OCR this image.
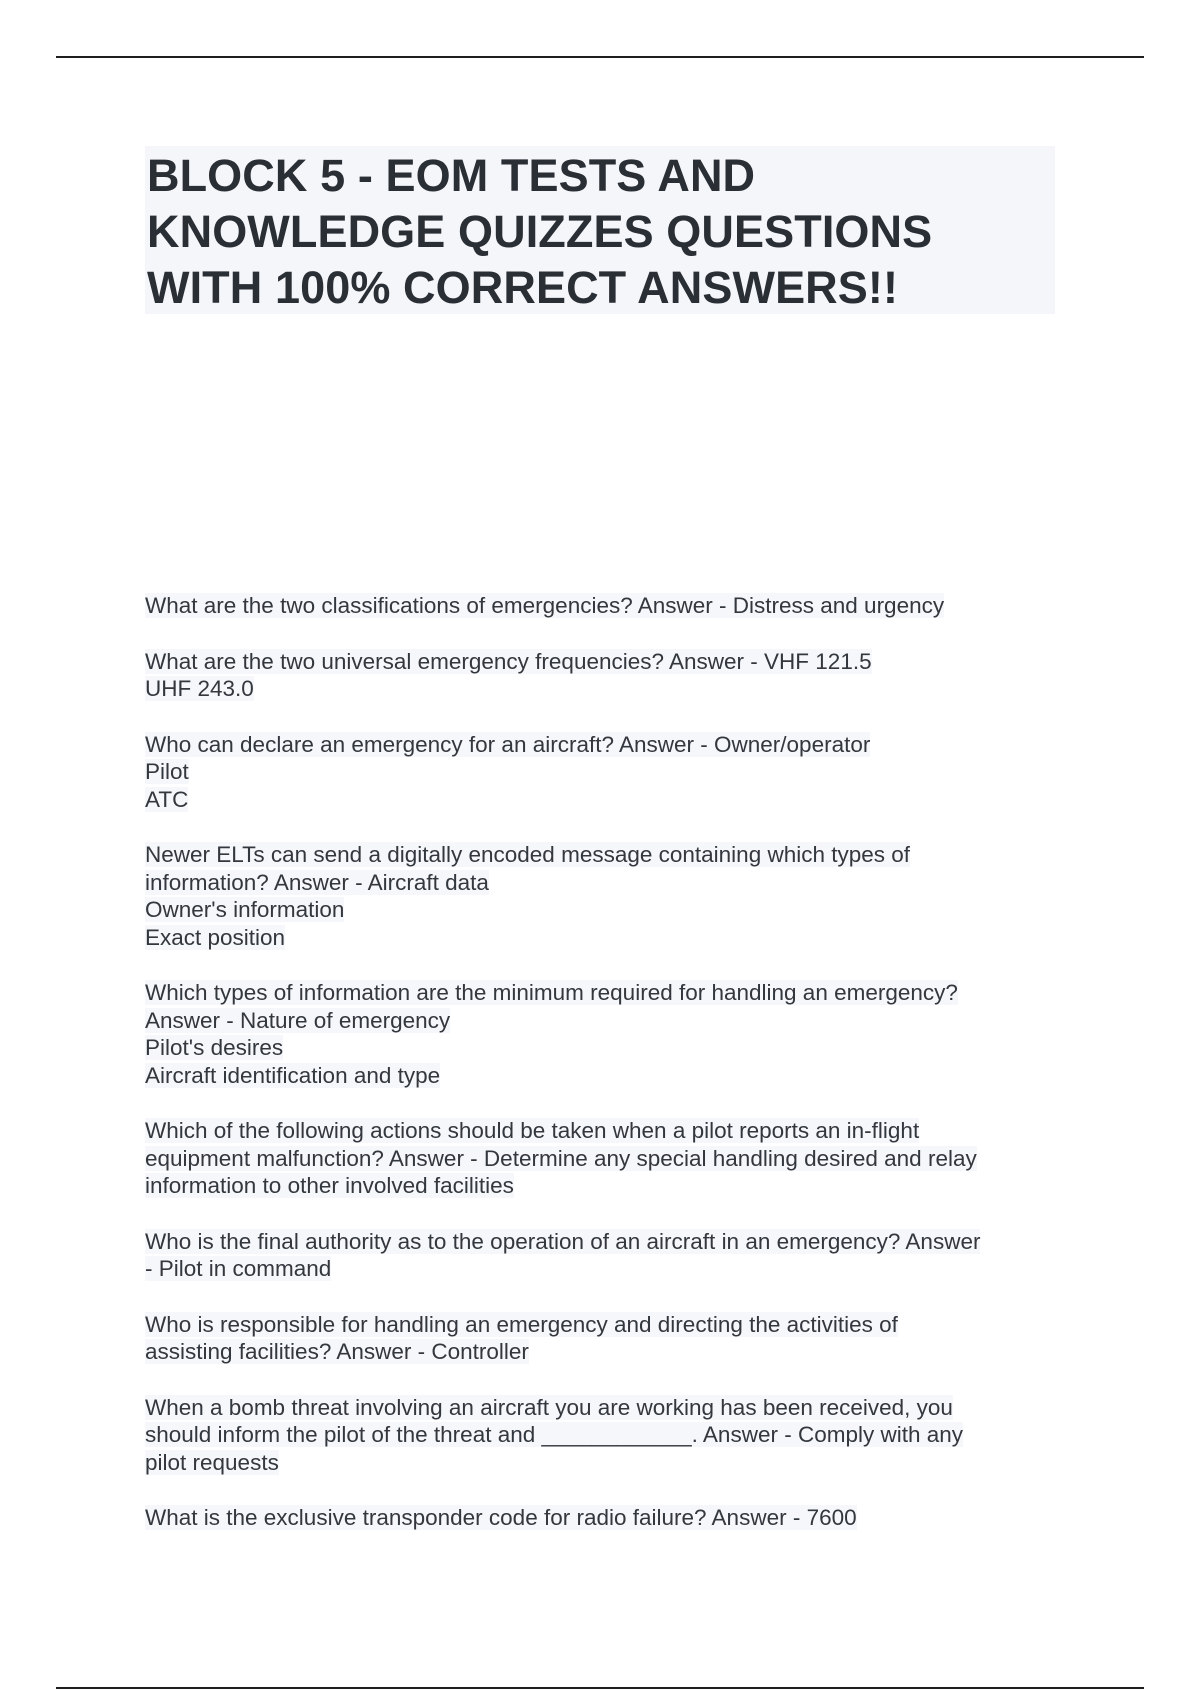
BLOCK 5 - EOM TESTS AND
KNOWLEDGE QUIZZES QUESTIONS
WITH 100% CORRECT ANSWERS!!
What are the two classifications of emergencies? Answer - Distress and urgency
What are the two universal emergency frequencies? Answer - VHF 121.5
UHF 243.0
Who can declare an emergency for an aircraft? Answer - Owner/operator
Pilot
ATC
Newer ELTs can send a digitally encoded message containing which types of
information? Answer - Aircraft data
Owner's information
Exact position
Which types of information are the minimum required for handling an emergency?
Answer - Nature of emergency
Pilot's desires
Aircraft identification and type
Which of the following actions should be taken when a pilot reports an in-flight
equipment malfunction? Answer - Determine any special handling desired and relay
information to other involved facilities
Who is the final authority as to the operation of an aircraft in an emergency? Answer
- Pilot in command
Who is responsible for handling an emergency and directing the activities of
assisting facilities? Answer - Controller
When a bomb threat involving an aircraft you are working has been received, you
should inform the pilot of the threat and ____________. Answer - Comply with any
pilot requests
What is the exclusive transponder code for radio failure? Answer - 7600
